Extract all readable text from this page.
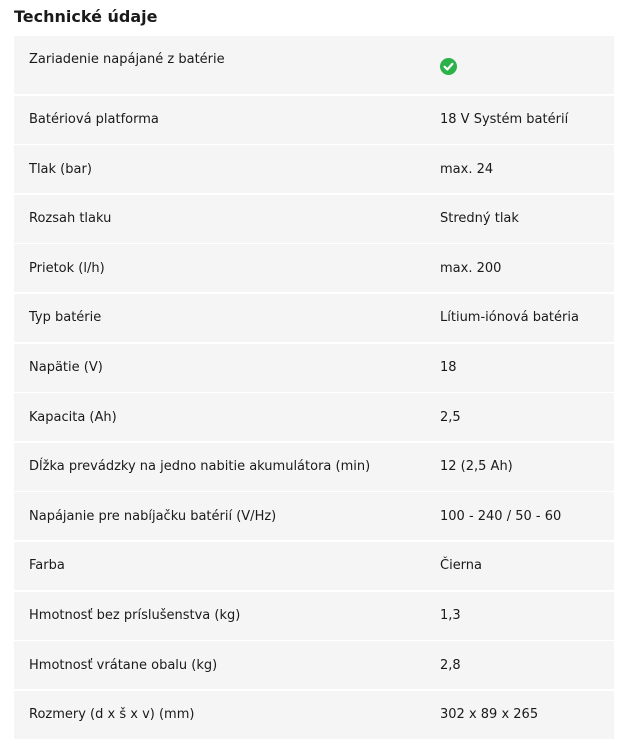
Technické údaje
Zariadenie napájané z batérie
Batériová platforma	18 V Systém batérií
Tlak (bar)	max. 24
Rozsah tlaku	Stredný tlak
Prietok (l/h)	max. 200
Typ batérie	Lítium-iónová batéria
Napätie (V)	18
Kapacita (Ah)	2,5
Dĺžka prevádzky na jedno nabitie akumulátora (min)	12 (2,5 Ah)
Napájanie pre nabíjačku batérií (V/Hz)	100 - 240 / 50 - 60
Farba	Čierna
Hmotnosť bez príslušenstva (kg)	1,3
Hmotnosť vrátane obalu (kg)	2,8
Rozmery (d x š x v) (mm)	302 x 89 x 265
